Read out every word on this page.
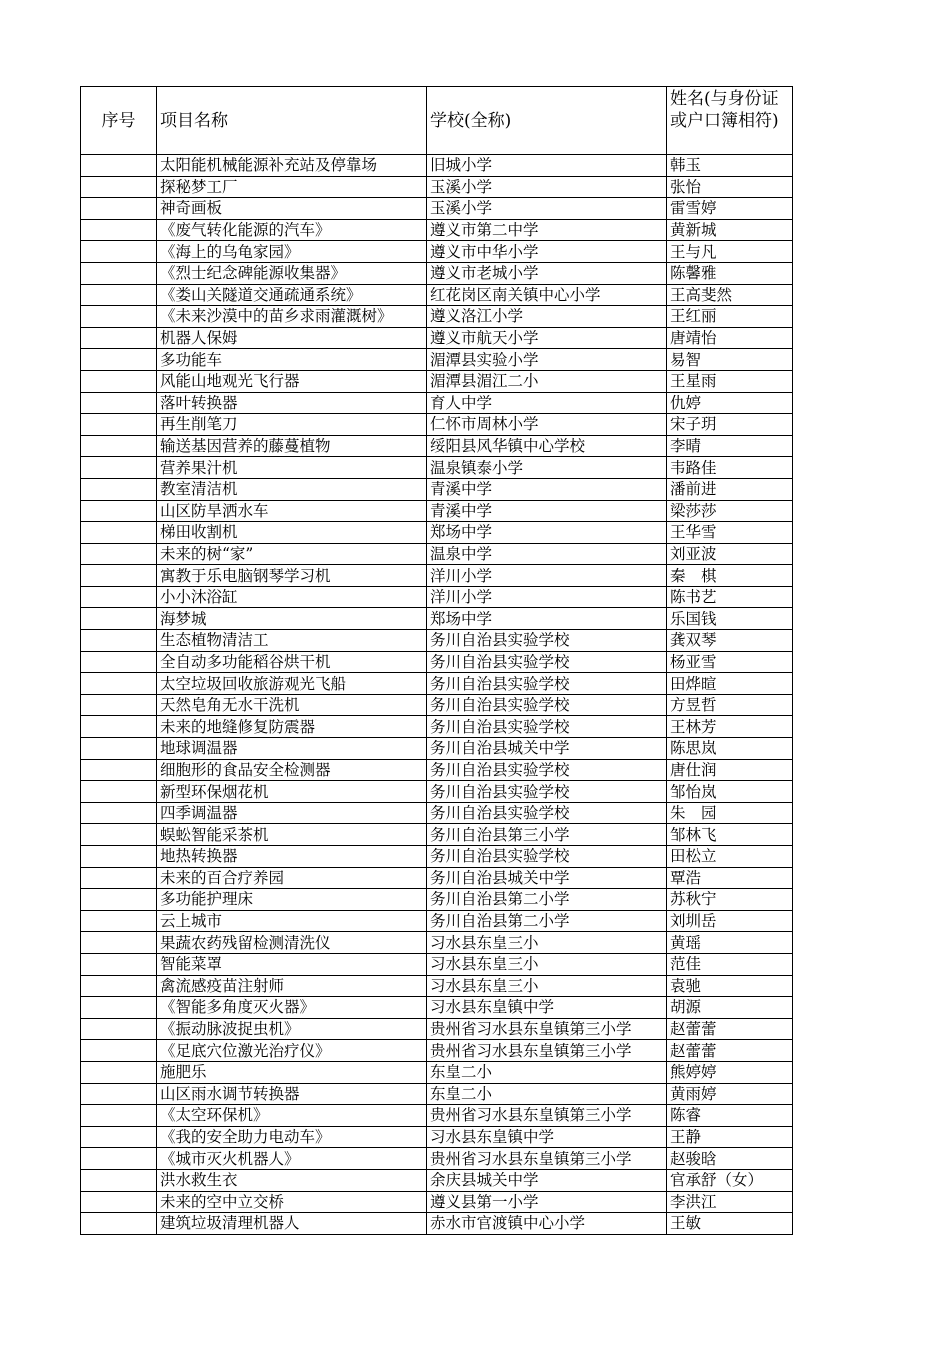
序号	项目名称	学校(全称)	姓名(与身份证或户口簿相符)
	太阳能机械能源补充站及停靠场	旧城小学	韩玉
	探秘梦工厂	玉溪小学	张怡
	神奇画板	玉溪小学	雷雪婷
	《废气转化能源的汽车》	遵义市第二中学	黄新城
	《海上的乌龟家园》	遵义市中华小学	王与凡
	《烈士纪念碑能源收集器》	遵义市老城小学	陈馨雅
	《娄山关隧道交通疏通系统》	红花岗区南关镇中心小学	王高斐然
	《未来沙漠中的苗乡求雨灌溉树》	遵义洛江小学	王红丽
	机器人保姆	遵义市航天小学	唐靖怡
	多功能车	湄潭县实验小学	易智
	风能山地观光飞行器	湄潭县湄江二小	王星雨
	落叶转换器	育人中学	仇婷
	再生削笔刀	仁怀市周林小学	宋子玥
	输送基因营养的藤蔓植物	绥阳县风华镇中心学校	李晴
	营养果汁机	温泉镇泰小学	韦路佳
	教室清洁机	青溪中学	潘前进
	山区防旱洒水车	青溪中学	梁莎莎
	梯田收割机	郑场中学	王华雪
	未来的树“家”	温泉中学	刘亚波
	寓教于乐电脑钢琴学习机	洋川小学	秦　棋
	小小沐浴缸	洋川小学	陈书艺
	海梦城	郑场中学	乐国钱
	生态植物清洁工	务川自治县实验学校	龚双琴
	全自动多功能稻谷烘干机	务川自治县实验学校	杨亚雪
	太空垃圾回收旅游观光飞船	务川自治县实验学校	田烨暄
	天然皂角无水干洗机	务川自治县实验学校	方昱哲
	未来的地缝修复防震器	务川自治县实验学校	王林芳
	地球调温器	务川自治县城关中学	陈思岚
	细胞形的食品安全检测器	务川自治县实验学校	唐仕润
	新型环保烟花机	务川自治县实验学校	邹怡岚
	四季调温器	务川自治县实验学校	朱　园
	蜈蚣智能采茶机	务川自治县第三小学	邹林飞
	地热转换器	务川自治县实验学校	田松立
	未来的百合疗养园	务川自治县城关中学	覃浩
	多功能护理床	务川自治县第二小学	苏秋宁
	云上城市	务川自治县第二小学	刘圳岳
	果蔬农药残留检测清洗仪	习水县东皇三小	黄瑶
	智能菜罩	习水县东皇三小	范佳
	禽流感疫苗注射师	习水县东皇三小	袁驰
	《智能多角度灭火器》	习水县东皇镇中学	胡源
	《振动脉波捉虫机》	贵州省习水县东皇镇第三小学	赵蕾蕾
	《足底穴位激光治疗仪》	贵州省习水县东皇镇第三小学	赵蕾蕾
	施肥乐	东皇二小	熊婷婷
	山区雨水调节转换器	东皇二小	黄雨婷
	《太空环保机》	贵州省习水县东皇镇第三小学	陈睿
	《我的安全助力电动车》	习水县东皇镇中学	王静
	《城市灭火机器人》	贵州省习水县东皇镇第三小学	赵骏晗
	洪水救生衣	余庆县城关中学	官承舒（女）
	未来的空中立交桥	遵义县第一小学	李洪江
	建筑垃圾清理机器人	赤水市官渡镇中心小学	王敏
